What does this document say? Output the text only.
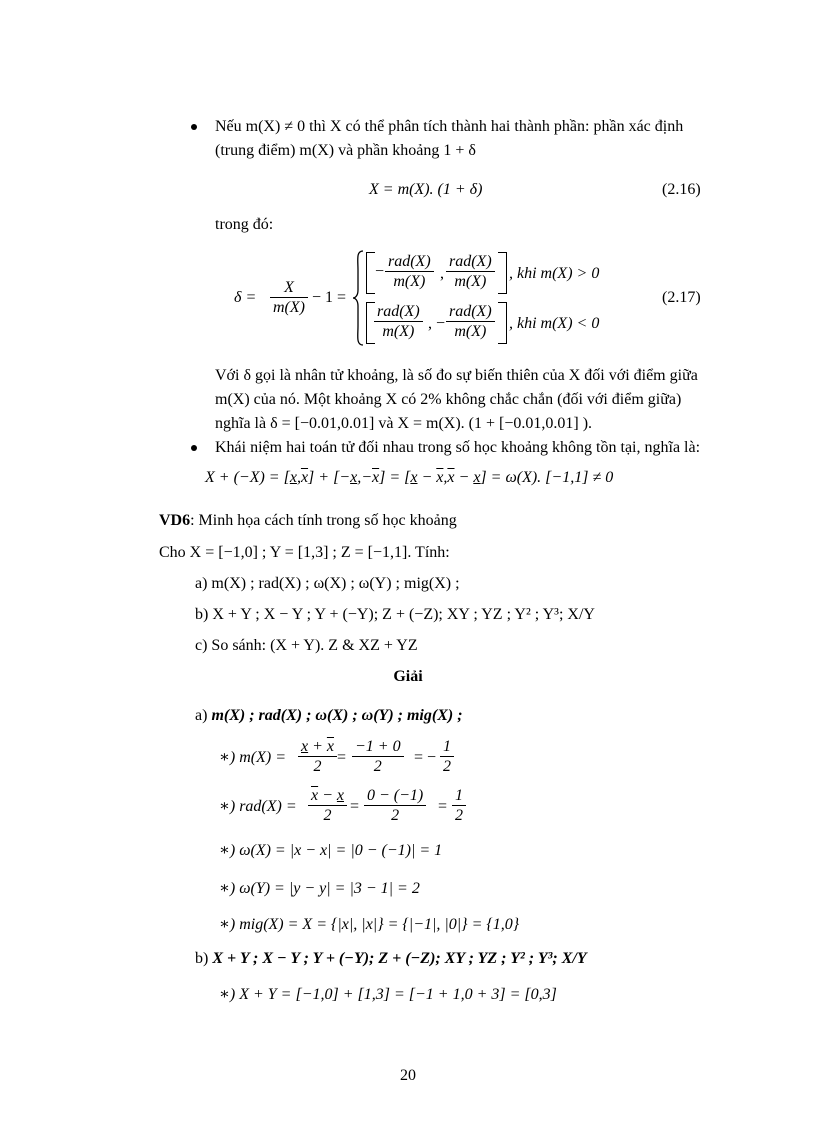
Nếu m(X) ≠ 0 thì X có thể phân tích thành hai thành phần: phần xác định
(trung điểm) m(X) và phần khoảng 1 + δ
X = m(X). (1 + δ)	(2.16)
trong đó:
$\delta = \frac{X}{m(X)} - 1$ =
− $\frac{\text{rad(X)}}{m(X)}$ , $\frac{\text{rad(X)}}{m(X)}$ , khi m(X) > 0
$\frac{\text{rad(X)}}{m(X)}$ , − $\frac{\text{rad(X)}}{m(X)}$ , khi m(X) < 0
(2.17)
Với δ gọi là nhân tử khoảng, là số đo sự biến thiên của X đối với điểm giữa
m(X) của nó. Một khoảng X có 2% không chắc chắn (đối với điểm giữa)
nghĩa là δ = [−0.01,0.01] và X = m(X). (1 + [−0.01,0.01] ).
Khái niệm hai toán tử đối nhau trong số học khoảng không tồn tại, nghĩa là:
$X + (-X) = [x,\overline{x}] + [-x,-\overline{x}] = [x - \overline{x},\overline{x} - x] = \omega(X)$. [−1,1] ≠ 0
VD6: Minh họa cách tính trong số học khoảng
Cho X = [−1,0] ; Y = [1,3] ; Z = [−1,1]. Tính:
a) m(X) ; rad(X) ; ω(X) ; ω(Y) ; mig(X) ;
b) X + Y ; X − Y ; Y + (−Y); Z + (−Z); XY ; YZ ; Y² ; Y³; X/Y
c) So sánh: (X + Y). Z & XZ + YZ
Giải
a) m(X) ; rad(X) ; ω(X) ; ω(Y) ; mig(X) ;
∗) $m(X) = \frac{x + \overline{x}}{2} = \frac{-1 + 0}{2}$ = − $\frac{1}{2}$
∗) $rad(X) = \frac{\overline{x} - x}{2} = \frac{0 - (-1)}{2} = \frac{1}{2}$
∗) ω(X) = |x − x| = |0 − (−1)| = 1
∗) ω(Y) = |y − y| = |3 − 1| = 2
∗) mig(X) = X = {|x|, |x|} = {|−1|, |0|} = {1,0}
b) X + Y ; X − Y ; Y + (−Y); Z + (−Z); XY ; YZ ; Y² ; Y³; X/Y
∗) X + Y = [−1,0] + [1,3] = [−1 + 1,0 + 3] = [0,3]
20
